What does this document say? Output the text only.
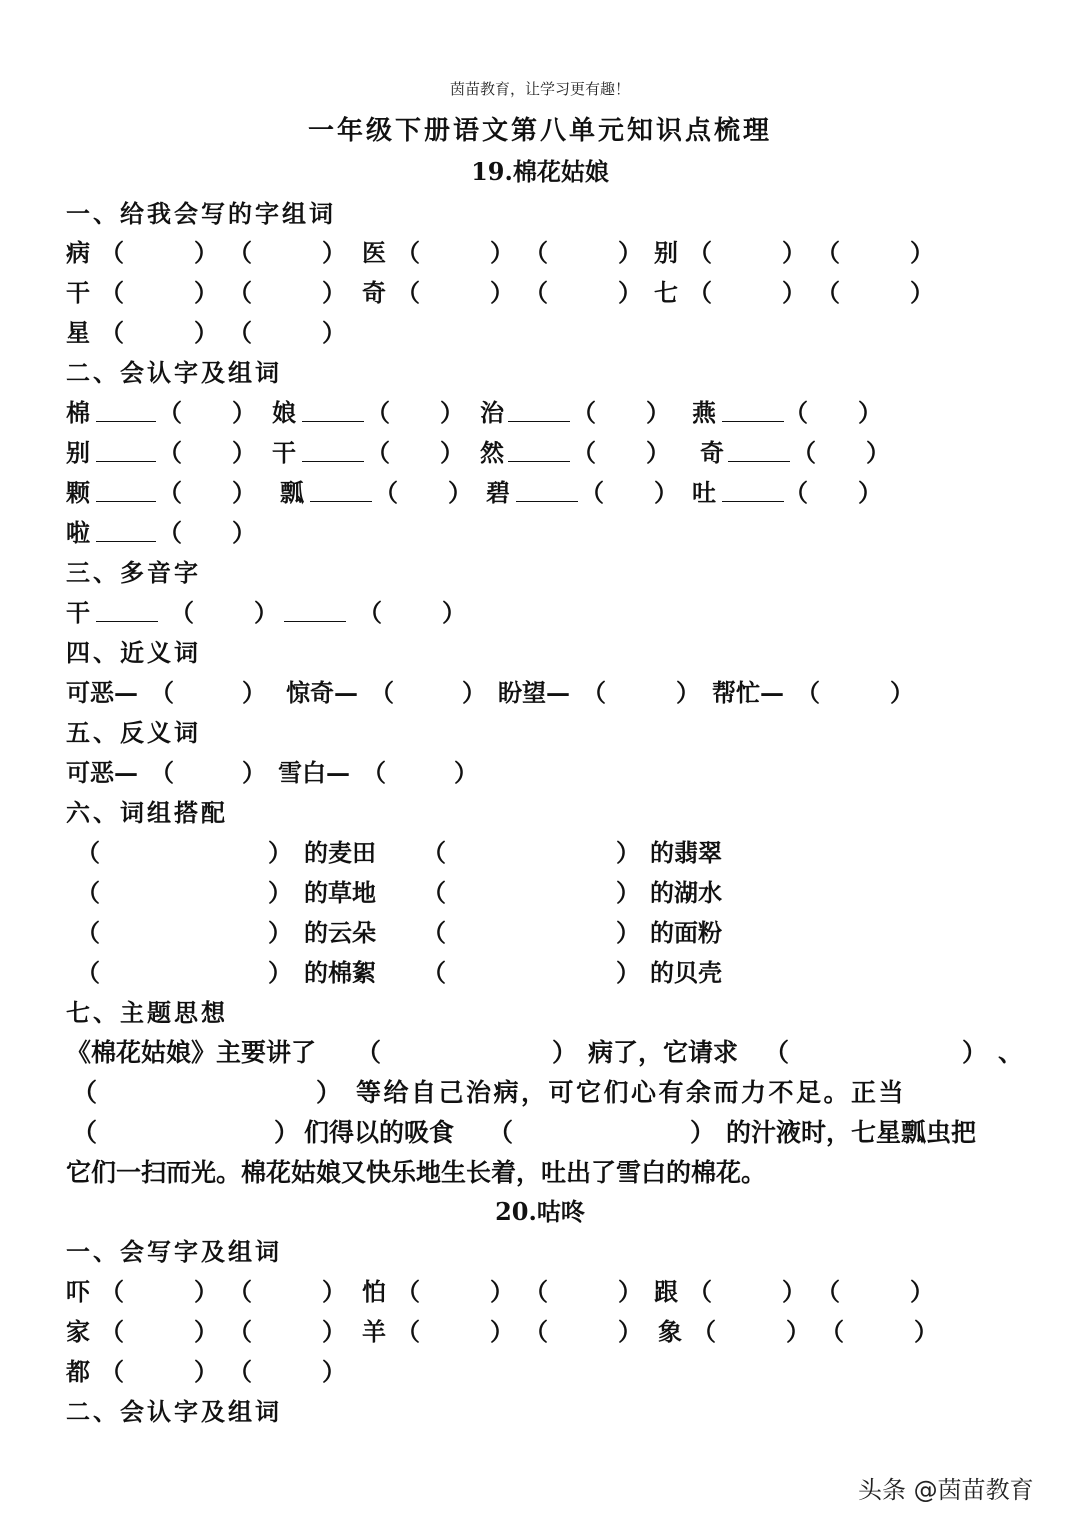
茵苗教育，让学习更有趣！
一年级下册语文第八单元知识点梳理
19.棉花姑娘
一、给我会写的字组词
病 （	） （	） 医 （	） （	） 别 （	） （	）
干 （	） （	） 奇 （	） （	） 七 （	） （	）
星 （	） （	）
二、会认字及组词
棉	（ ） 娘	（ ） 治	（ ） 燕	（ ）
别	（ ） 干	（ ） 然	（ ） 奇	（ ）
颗	（ ） 瓢	（ ） 碧	（ ） 吐	（ ）
啦	（ ）
三、多音字
干	（	）	（	）
四、近义词
可恶— （	） 惊奇— （	） 盼望— （	） 帮忙— （	）
五、反义词
可恶— （	） 雪白— （	）
六、词组搭配
（	） 的麦田 （	） 的翡翠
（	） 的草地 （	） 的湖水
（	） 的云朵 （	） 的面粉
（	） 的棉絮 （	） 的贝壳
七、主题思想
《棉花姑娘》主要讲了 （	） 病了，它请求 （	） 、
（	） 等给自己治病，可它们心有余而力不足。正当
（	） 们得以的吸食 （	） 的汁液时，七星瓢虫把
它们一扫而光。棉花姑娘又快乐地生长着，吐出了雪白的棉花。
20.咕咚
一、会写字及组词
吓 （	） （	） 怕 （	） （	） 跟 （	） （	）
家 （	） （	） 羊 （	） （	） 象 （	） （	）
都 （	） （	）
二、会认字及组词
头条 @茵苗教育
